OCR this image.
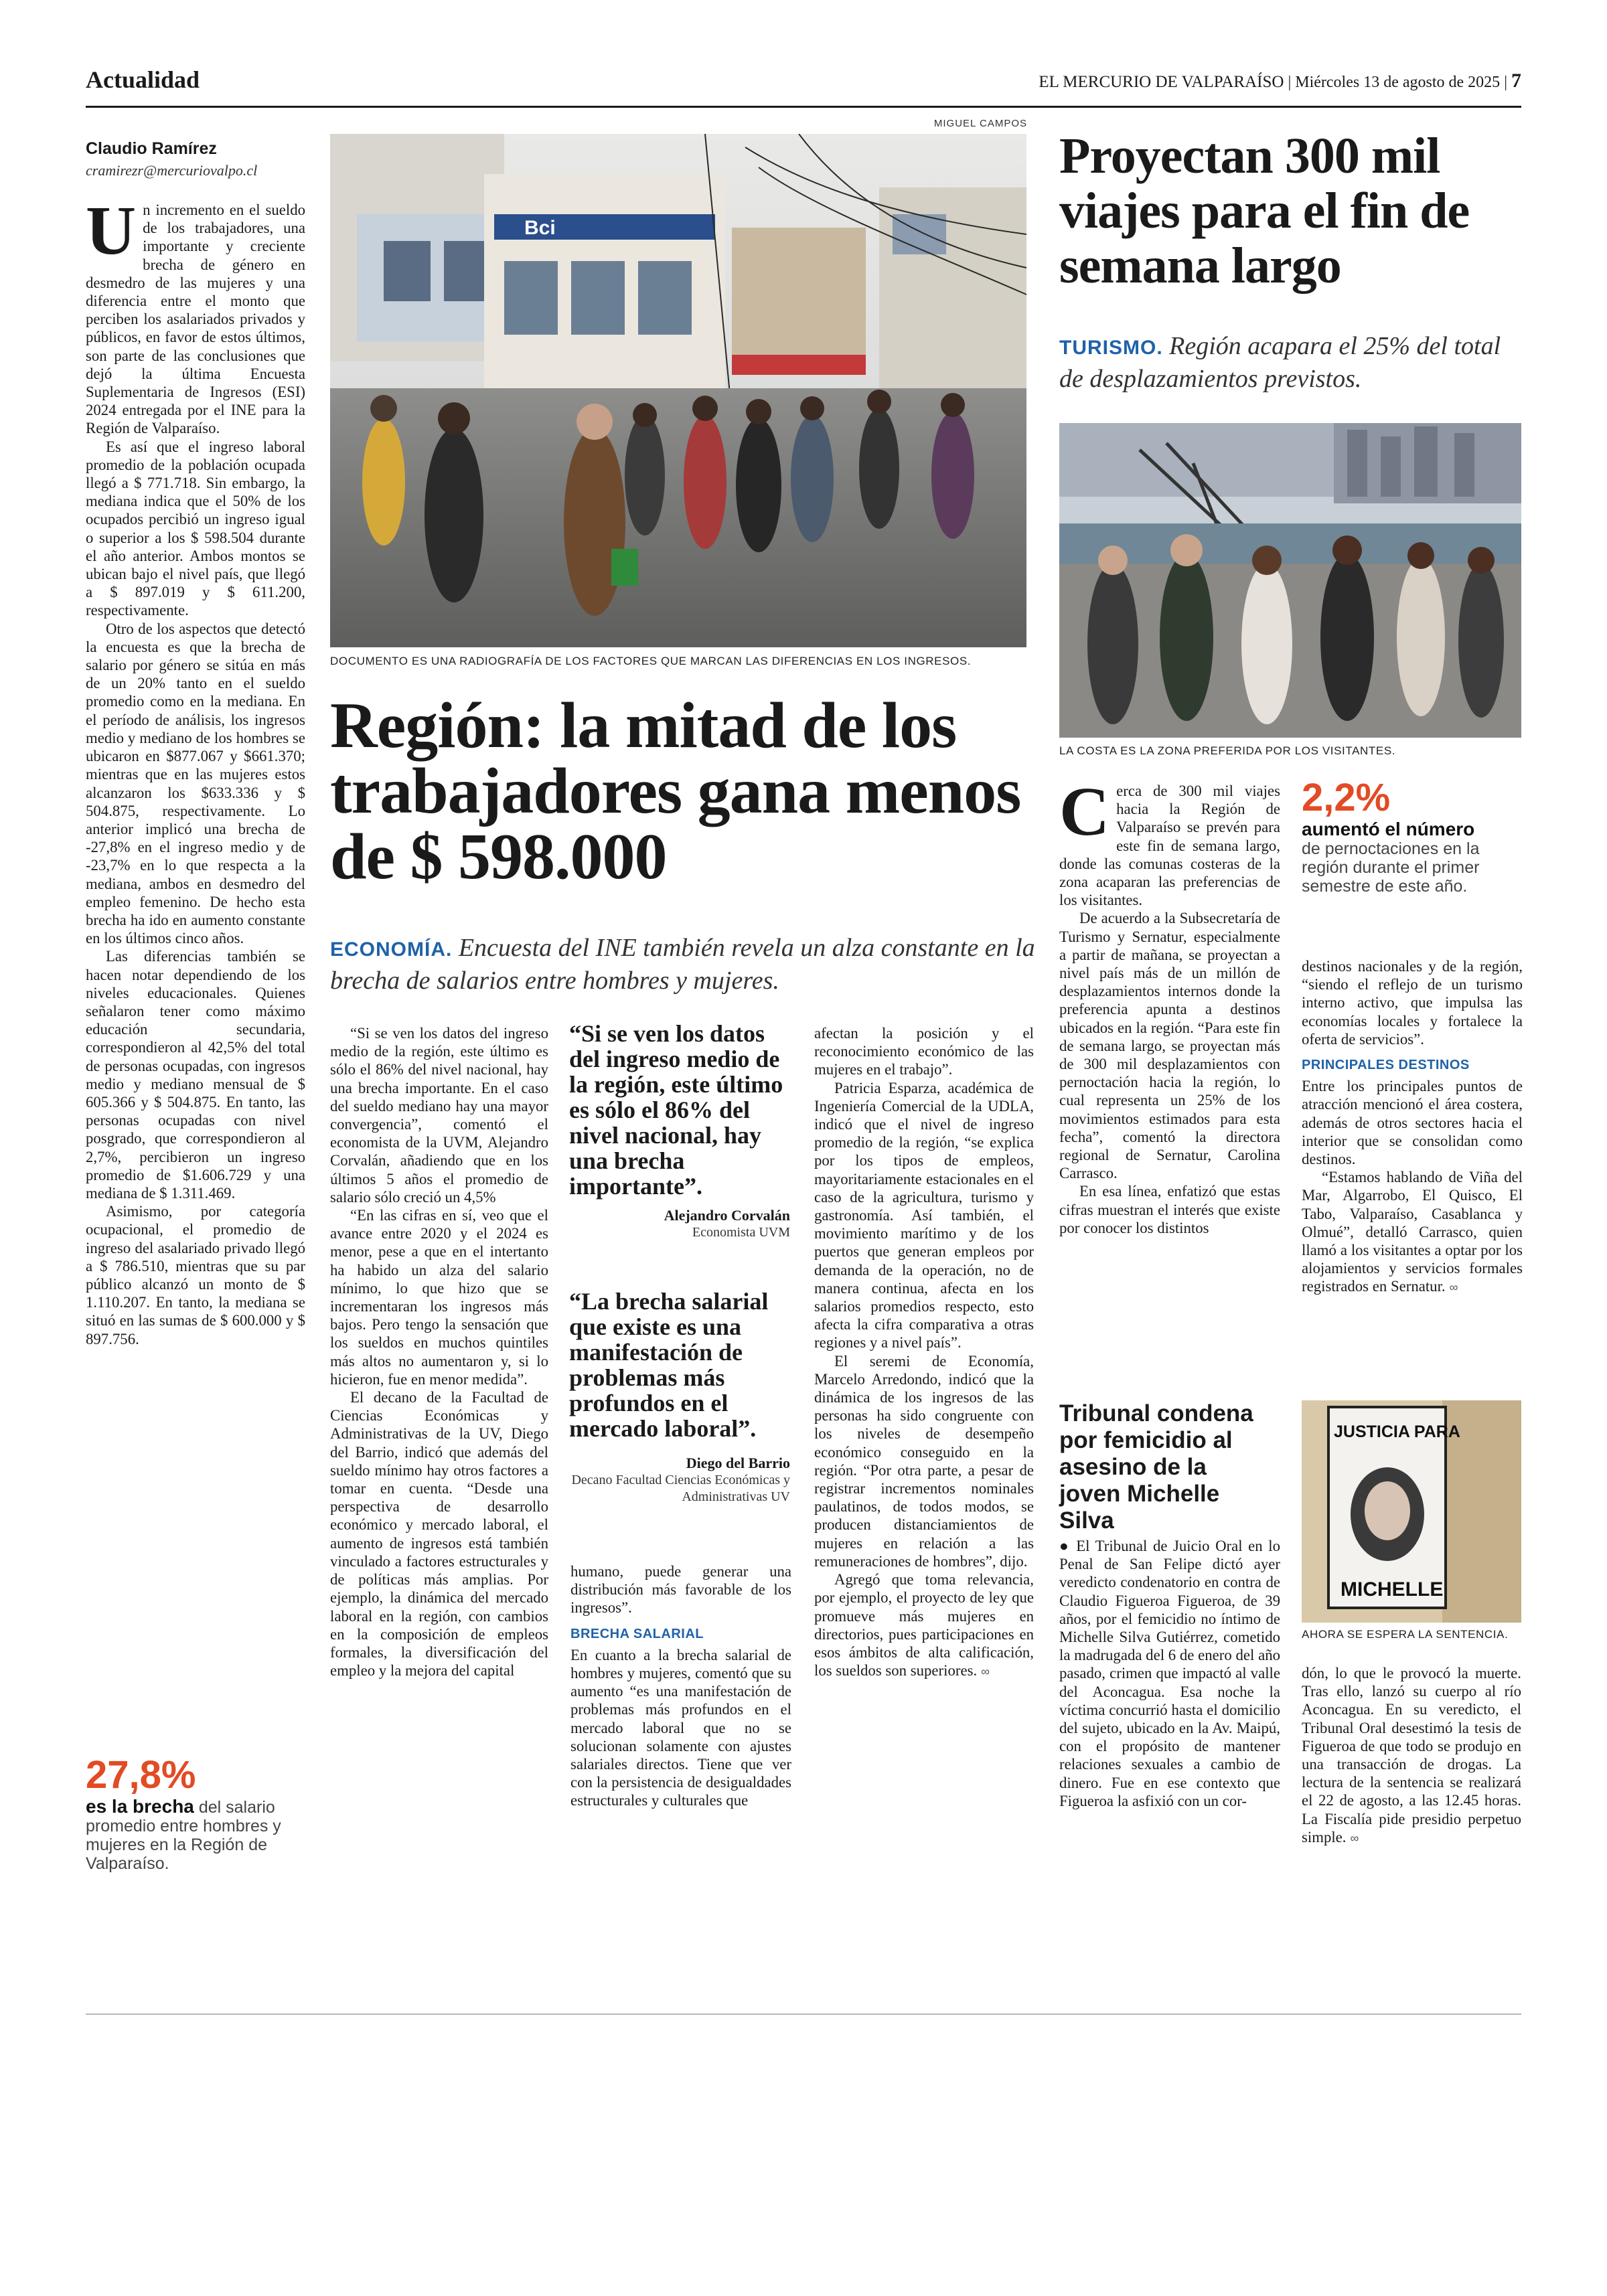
Actualidad	EL MERCURIO DE VALPARAÍSO | Miércoles 13 de agosto de 2025 | 7
Claudio Ramírez
cramirezr@mercuriovalpo.cl

Un incremento en el sueldo de los trabajadores, una importante y creciente brecha de género en desmedro de las mujeres y una diferencia entre el monto que perciben los asalariados privados y públicos, en favor de estos últimos, son parte de las conclusiones que dejó la última Encuesta Suplementaria de Ingresos (ESI) 2024 entregada por el INE para la Región de Valparaíso.

Es así que el ingreso laboral promedio de la población ocupada llegó a $ 771.718. Sin embargo, la mediana indica que el 50% de los ocupados percibió un ingreso igual o superior a los $ 598.504 durante el año anterior. Ambos montos se ubican bajo el nivel país, que llegó a $ 897.019 y $ 611.200, respectivamente.

Otro de los aspectos que detectó la encuesta es que la brecha de salario por género se sitúa en más de un 20% tanto en el sueldo promedio como en la mediana. En el período de análisis, los ingresos medio y mediano de los hombres se ubicaron en $877.067 y $661.370; mientras que en las mujeres estos alcanzaron los $633.336 y $ 504.875, respectivamente. Lo anterior implicó una brecha de -27,8% en el ingreso medio y de -23,7% en lo que respecta a la mediana, ambos en desmedro del empleo femenino. De hecho esta brecha ha ido en aumento constante en los últimos cinco años.

Las diferencias también se hacen notar dependiendo de los niveles educacionales. Quienes señalaron tener como máximo educación secundaria, correspondieron al 42,5% del total de personas ocupadas, con ingresos medio y mediano mensual de $ 605.366 y $ 504.875. En tanto, las personas ocupadas con nivel posgrado, que correspondieron al 2,7%, percibieron un ingreso promedio de $1.606.729 y una mediana de $ 1.311.469.

Asimismo, por categoría ocupacional, el promedio de ingreso del asalariado privado llegó a $ 786.510, mientras que su par público alcanzó un monto de $ 1.110.207. En tanto, la mediana se situó en las sumas de $ 600.000 y $ 897.756.

27,8%
es la brecha del salario promedio entre hombres y mujeres en la Región de Valparaíso.
MIGUEL CAMPOS
Bci
DOCUMENTO ES UNA RADIOGRAFÍA DE LOS FACTORES QUE MARCAN LAS DIFERENCIAS EN LOS INGRESOS.
Región: la mitad de los trabajadores gana menos de $ 598.000
ECONOMÍA. Encuesta del INE también revela un alza constante en la brecha de salarios entre hombres y mujeres.

“Si se ven los datos del ingreso medio de la región, este último es sólo el 86% del nivel nacional, hay una brecha importante. En el caso del sueldo mediano hay una mayor convergencia”, comentó el economista de la UVM, Alejandro Corvalán, añadiendo que en los últimos 5 años el promedio de salario sólo creció un 4,5%

“En las cifras en sí, veo que el avance entre 2020 y el 2024 es menor, pese a que en el intertanto ha habido un alza del salario mínimo, lo que hizo que se incrementaran los ingresos más bajos. Pero tengo la sensación que los sueldos en muchos quintiles más altos no aumentaron y, si lo hicieron, fue en menor medida”.

El decano de la Facultad de Ciencias Económicas y Administrativas de la UV, Diego del Barrio, indicó que además del sueldo mínimo hay otros factores a tomar en cuenta. “Desde una perspectiva de desarrollo económico y mercado laboral, el aumento de ingresos está también vinculado a factores estructurales y de políticas más amplias. Por ejemplo, la dinámica del mercado laboral en la región, con cambios en la composición de empleos formales, la diversificación del empleo y la mejora del capital

“Si se ven los datos del ingreso medio de la región, este último es sólo el 86% del nivel nacional, hay una brecha importante”.
Alejandro Corvalán
Economista UVM
“La brecha salarial que existe es una manifestación de problemas más profundos en el mercado laboral”.
Diego del Barrio
Decano Facultad Ciencias Económicas y Administrativas UV

humano, puede generar una distribución más favorable de los ingresos”.

BRECHA SALARIAL

En cuanto a la brecha salarial de hombres y mujeres, comentó que su aumento “es una manifestación de problemas más profundos en el mercado laboral que no se solucionan solamente con ajustes salariales directos. Tiene que ver con la persistencia de desigualdades estructurales y culturales que

afectan la posición y el reconocimiento económico de las mujeres en el trabajo”.

Patricia Esparza, académica de Ingeniería Comercial de la UDLA, indicó que el nivel de ingreso promedio de la región, “se explica por los tipos de empleos, mayoritariamente estacionales en el caso de la agricultura, turismo y gastronomía. Así también, el movimiento marítimo y de los puertos que generan empleos por demanda de la operación, no de manera continua, afecta en los salarios promedios respecto, esto afecta la cifra comparativa a otras regiones y a nivel país”.

El seremi de Economía, Marcelo Arredondo, indicó que la dinámica de los ingresos de las personas ha sido congruente con los niveles de desempeño económico conseguido en la región. “Por otra parte, a pesar de registrar incrementos nominales paulatinos, de todos modos, se producen distanciamientos de mujeres en relación a las remuneraciones de hombres”, dijo.

Agregó que toma relevancia, por ejemplo, el proyecto de ley que promueve más mujeres en directorios, pues participaciones en esos ámbitos de alta calificación, los sueldos son superiores. ∞

Proyectan 300 mil viajes para el fin de semana largo
TURISMO. Región acapara el 25% del total de desplazamientos previstos.
LA COSTA ES LA ZONA PREFERIDA POR LOS VISITANTES.

Cerca de 300 mil viajes hacia la Región de Valparaíso se prevén para este fin de semana largo, donde las comunas costeras de la zona acaparan las preferencias de los visitantes.

De acuerdo a la Subsecretaría de Turismo y Sernatur, especialmente a partir de mañana, se proyectan a nivel país más de un millón de desplazamientos internos donde la preferencia apunta a destinos ubicados en la región. “Para este fin de semana largo, se proyectan más de 300 mil desplazamientos con pernoctación hacia la región, lo cual representa un 25% de los movimientos estimados para esta fecha”, comentó la directora regional de Sernatur, Carolina Carrasco.

En esa línea, enfatizó que estas cifras muestran el interés que existe por conocer los distintos

2,2%
aumentó el número
de pernoctaciones en la región durante el primer semestre de este año.

destinos nacionales y de la región, “siendo el reflejo de un turismo interno activo, que impulsa las economías locales y fortalece la oferta de servicios”.

PRINCIPALES DESTINOS

Entre los principales puntos de atracción mencionó el área costera, además de otros sectores hacia el interior que se consolidan como destinos.

“Estamos hablando de Viña del Mar, Algarrobo, El Quisco, El Tabo, Valparaíso, Casablanca y Olmué”, detalló Carrasco, quien llamó a los visitantes a optar por los alojamientos y servicios formales registrados en Sernatur. ∞

Tribunal condena por femicidio al asesino de la joven Michelle Silva
JUSTICIA PARA
MICHELLE
AHORA SE ESPERA LA SENTENCIA.

● El Tribunal de Juicio Oral en lo Penal de San Felipe dictó ayer veredicto condenatorio en contra de Claudio Figueroa Figueroa, de 39 años, por el femicidio no íntimo de Michelle Silva Gutiérrez, cometido la madrugada del 6 de enero del año pasado, crimen que impactó al valle del Aconcagua. Esa noche la víctima concurrió hasta el domicilio del sujeto, ubicado en la Av. Maipú, con el propósito de mantener relaciones sexuales a cambio de dinero. Fue en ese contexto que Figueroa la asfixió con un cor-

dón, lo que le provocó la muerte. Tras ello, lanzó su cuerpo al río Aconcagua. En su veredicto, el Tribunal Oral desestimó la tesis de Figueroa de que todo se produjo en una transacción de drogas. La lectura de la sentencia se realizará el 22 de agosto, a las 12.45 horas. La Fiscalía pide presidio perpetuo simple. ∞
